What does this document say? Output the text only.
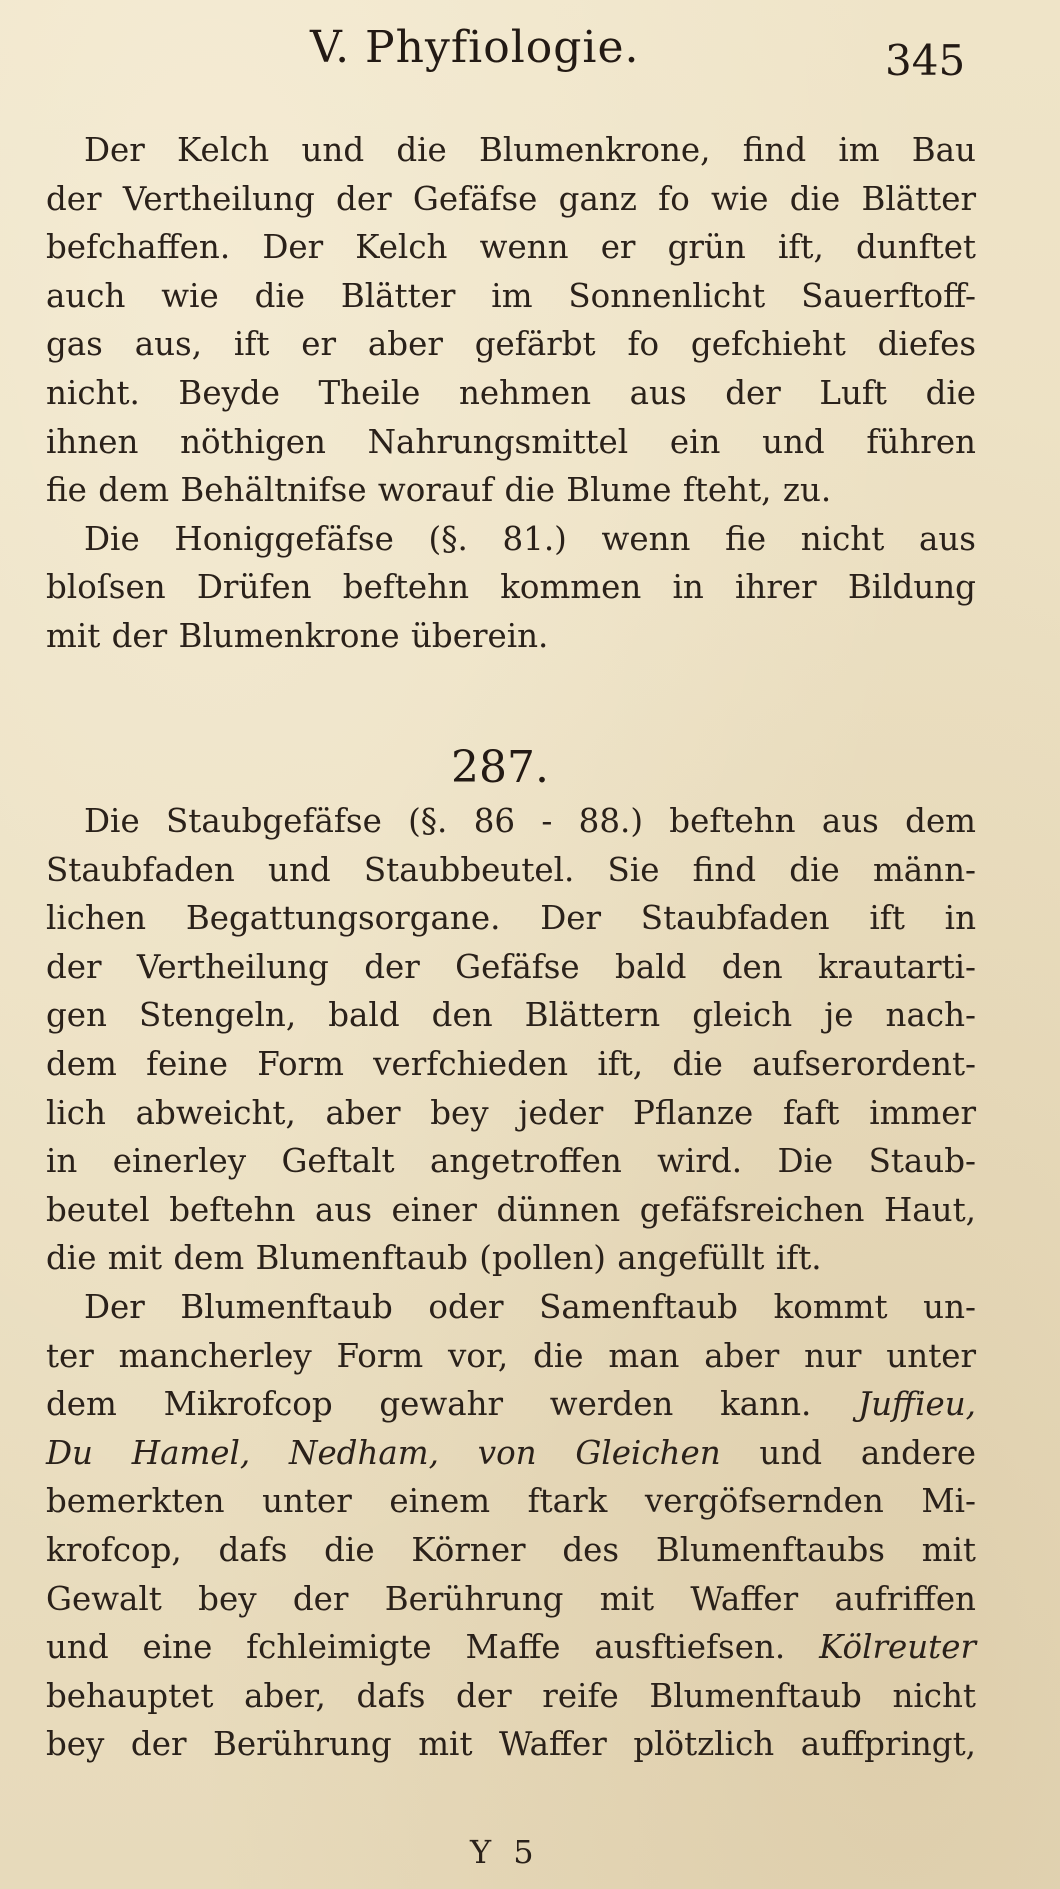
V. Phyfiologie.	345
Der Kelch und die Blumenkrone, find im Bau
der Vertheilung der Gefäfse ganz fo wie die Blätter
befchaffen. Der Kelch wenn er grün ift, dunftet
auch wie die Blätter im Sonnenlicht Sauerftoff-
gas aus, ift er aber gefärbt fo gefchieht diefes
nicht. Beyde Theile nehmen aus der Luft die
ihnen nöthigen Nahrungsmittel ein und führen
fie dem Behältnifse worauf die Blume fteht, zu.
Die Honiggefäfse (§. 81.) wenn fie nicht aus
bloſsen Drüfen beftehn kommen in ihrer Bildung
mit der Blumenkrone überein.
287.
Die Staubgefäfse (§. 86 - 88.) beftehn aus dem
Staubfaden und Staubbeutel. Sie find die männ-
lichen Begattungsorgane. Der Staubfaden ift in
der Vertheilung der Gefäfse bald den krautarti-
gen Stengeln, bald den Blättern gleich je nach-
dem feine Form verfchieden ift, die aufserordent-
lich abweicht, aber bey jeder Pflanze faft immer
in einerley Geftalt angetroffen wird. Die Staub-
beutel beftehn aus einer dünnen gefäfsreichen Haut,
die mit dem Blumenftaub (pollen) angefüllt ift.
Der Blumenftaub oder Samenftaub kommt un-
ter mancherley Form vor, die man aber nur unter
dem Mikrofcop gewahr werden kann. Juffieu,
Du Hamel, Nedham, von Gleichen und andere
bemerkten unter einem ftark vergöfsernden Mi-
krofcop, dafs die Körner des Blumenftaubs mit
Gewalt bey der Berührung mit Waffer aufriffen
und eine fchleimigte Maffe ausftiefsen. Kölreuter
behauptet aber, dafs der reife Blumenftaub nicht
bey der Berührung mit Waffer plötzlich auffpringt,
Y 5
